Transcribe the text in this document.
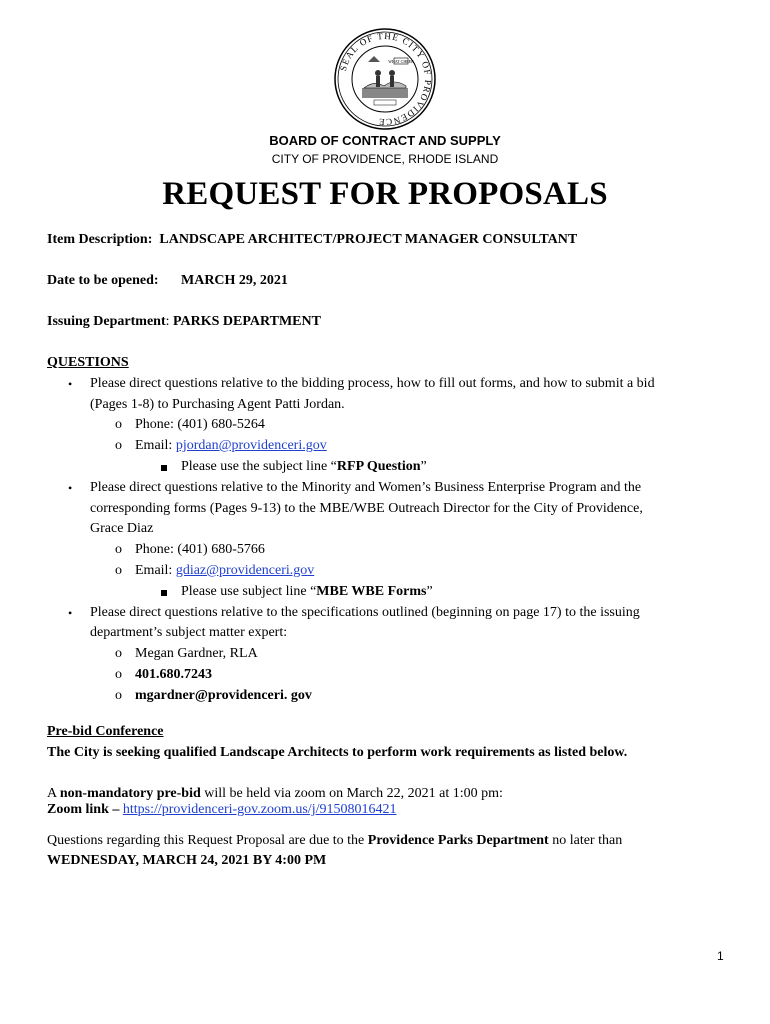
SEAL OF THE CITY OF PROVIDENCE
WHAT CHEER
BOARD OF CONTRACT AND SUPPLY
CITY OF PROVIDENCE, RHODE ISLAND
REQUEST FOR PROPOSALS
Item Description: LANDSCAPE ARCHITECT/PROJECT MANAGER CONSULTANT
Date to be opened: MARCH 29, 2021
Issuing Department: PARKS DEPARTMENT
QUESTIONS
• Please direct questions relative to the bidding process, how to fill out forms, and how to submit a bid
(Pages 1-8) to Purchasing Agent Patti Jordan.
o Phone: (401) 680-5264
o Email: pjordan@providenceri.gov
Please use the subject line “RFP Question”
• Please direct questions relative to the Minority and Women’s Business Enterprise Program and the
corresponding forms (Pages 9-13) to the MBE/WBE Outreach Director for the City of Providence,
Grace Diaz
o Phone: (401) 680-5766
o Email: gdiaz@providenceri.gov
Please use subject line “MBE WBE Forms”
• Please direct questions relative to the specifications outlined (beginning on page 17) to the issuing
department’s subject matter expert:
o Megan Gardner, RLA
o 401.680.7243
o mgardner@providenceri. gov
Pre-bid Conference
The City is seeking qualified Landscape Architects to perform work requirements as listed below.
A non-mandatory pre-bid will be held via zoom on March 22, 2021 at 1:00 pm:
Zoom link – https://providenceri-gov.zoom.us/j/91508016421
Questions regarding this Request Proposal are due to the Providence Parks Department no later than
WEDNESDAY, MARCH 24, 2021 BY 4:00 PM
1
